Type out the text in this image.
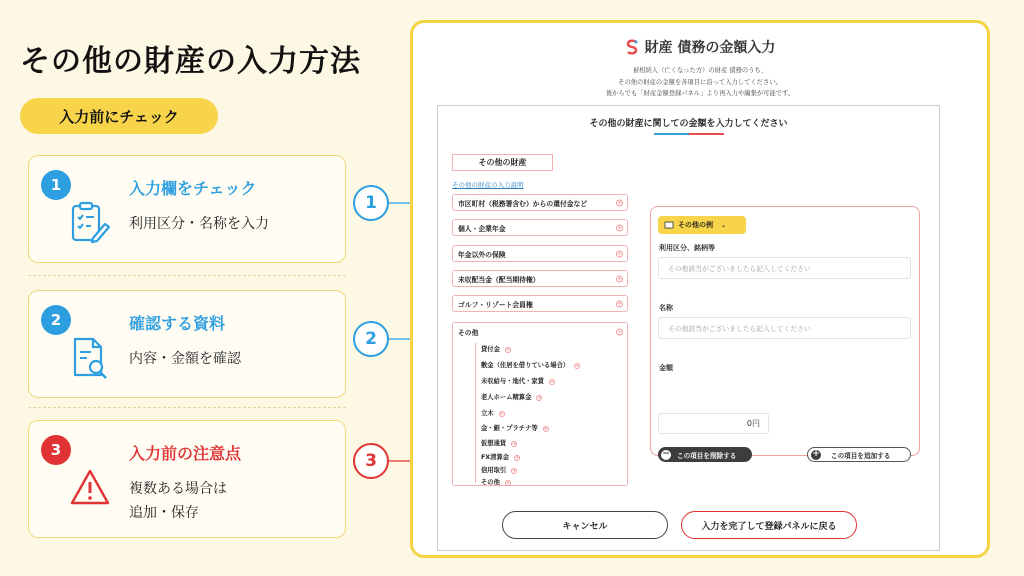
その他の財産の入力方法
入力前にチェック
1	入力欄をチェック
利用区分・名称を入力
2	確認する資料
内容・金額を確認
3	入力前の注意点
複数ある場合は
追加・保存
1
2
3
財産 債務の金額入力
被相続人（亡くなった方）の財産 債務のうち、
その他の財産の金額を各項目に沿って入力してください。
後からでも「財産金額登録パネル」より再入力や編集が可能です。
その他の財産に関しての金額を入力してください
その他の財産
その他の財産の入力説明
市区町村（税務署含む）からの還付金など	+
個人・企業年金	+
年金以外の保険	+
未収配当金（配当期待権）	+
ゴルフ・リゾート会員権	+
その他	+
貸付金 +
敷金（住居を借りている場合） +
未収給与・地代・家賃 +
老人ホーム精算金 +
立木 +
金・銀・プラチナ等 +
仮想通貨 +
FX清算金 +
信用取引 +
その他 +
その他の例 ⌄
利用区分、銘柄等
その他該当がございましたら記入してください
名称
その他該当がございましたら記入してください
金額
0円
− この項目を削除する	+ この項目を追加する
キャンセル	入力を完了して登録パネルに戻る
